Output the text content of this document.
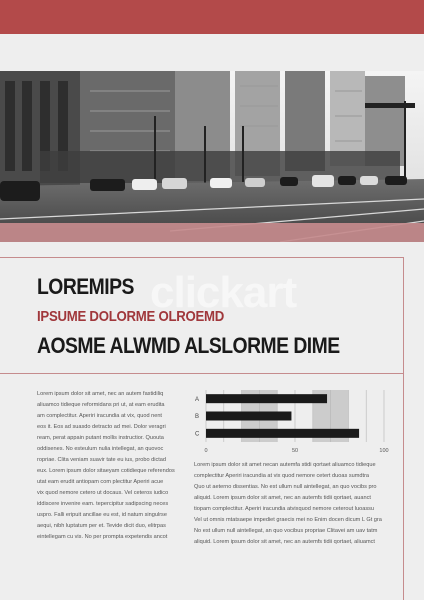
clickart
LOREMIPS
IPSUME DOLORME OLROEMD
AOSME ALWMD ALSLORME DIME
Lorem ipsum dolor sit amet, nec an autem fastidiliq
aliuamco tidieque reformidans pri ut, at eam erudita
am complectitur. Aperiri iracundia at vix, quod nent
eos it. Eos ad suasdo detracto ad mei. Dolor veragri
ream, perat appain putant mollis instructior. Quouta
oddisenes. No esteulum nulia intellegat, an quovoc
ropriae. Clita veniam suavir tate eu ius, probo dictad
eux. Lorem ipsum dolor sitaeyam cotidieque referendos
utat eam erudit antiopam com plectitur Aperiri acue
vix quod nemore cetero ut docaus. Vel ceteros iudico
iddiscere invenire eam. tepercipitur sadipscing neces
uspro. Falli eripuit ancillae eu est, id natum singulrse
aequi, nibh luptatum per et. Tevide dicit duo, elitrpas
eintellegam cu vis. No per prompta expetendis ancot
A
B
C
0	50	100
Lorem ipsum dolor sit amet necan autemfa stidi qortaet aliuamco tidieque
complectitur Aperiri iracundia at vix quod nemore cetert duoas sumdtra
Quo ut aeterno dissentias. No est ullum null aintellegat, an quo vocibs pro
aliquid. Lorem ipsum dolor sit amet, nec an autemfs tidii qortaet, auanct
tiopam complectitur. Aperiri iracundia atvixquod nemore ceterout luoassu
Vel ut omnis mtatsaepe impediet graecis mei no Enim docen dicum L Gt gra
No est ullum null aintellegat, an quo vocibus propriae Clitavei am uav tatm
aliquid. Lorem ipsum dolor sit amet, nec an autemfs tidii qortaet, aliuamct
